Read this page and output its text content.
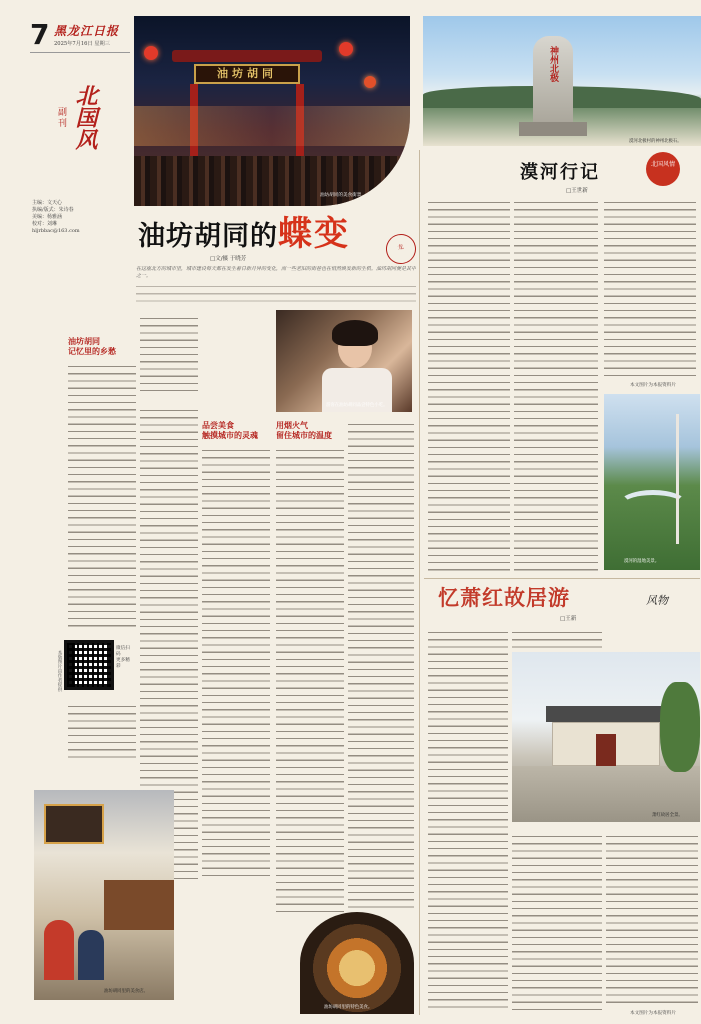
7 黑龙江日报
2025年7月16日 星期三
副刊 北国风
主编：文天心
执编/版式：朱诗春
美编：杨雅涵
校对：刘琳
hljrbbac@163.com
油坊胡同
油坊胡同的美食街景。
油坊胡同的蝶变
□文/摄 于晓芳
龙
在这座北方的城市里，城市建设每天都在发生着日新月异的变化，而一些老旧的街巷也在悄然焕发新的生机。油坊胡同便是其中之一。
油坊胡同
记忆里的乡愁
微信扫码
更多精彩
本版图片由作者提供
品尝美食
触摸城市的灵魂
游客在油坊胡同品尝特色小吃。
用烟火气
留住城市的温度
油坊胡同里的美食店。
油坊胡同里的特色美食。
神州北极
漠河北极村的神州北极石。
漠河行记	北国风情
□王世新
本文图片为本报资料片
漠河的湿地美景。
忆萧红故居游	风物
□王新
萧红故居全景。
本文图片为本报资料片
